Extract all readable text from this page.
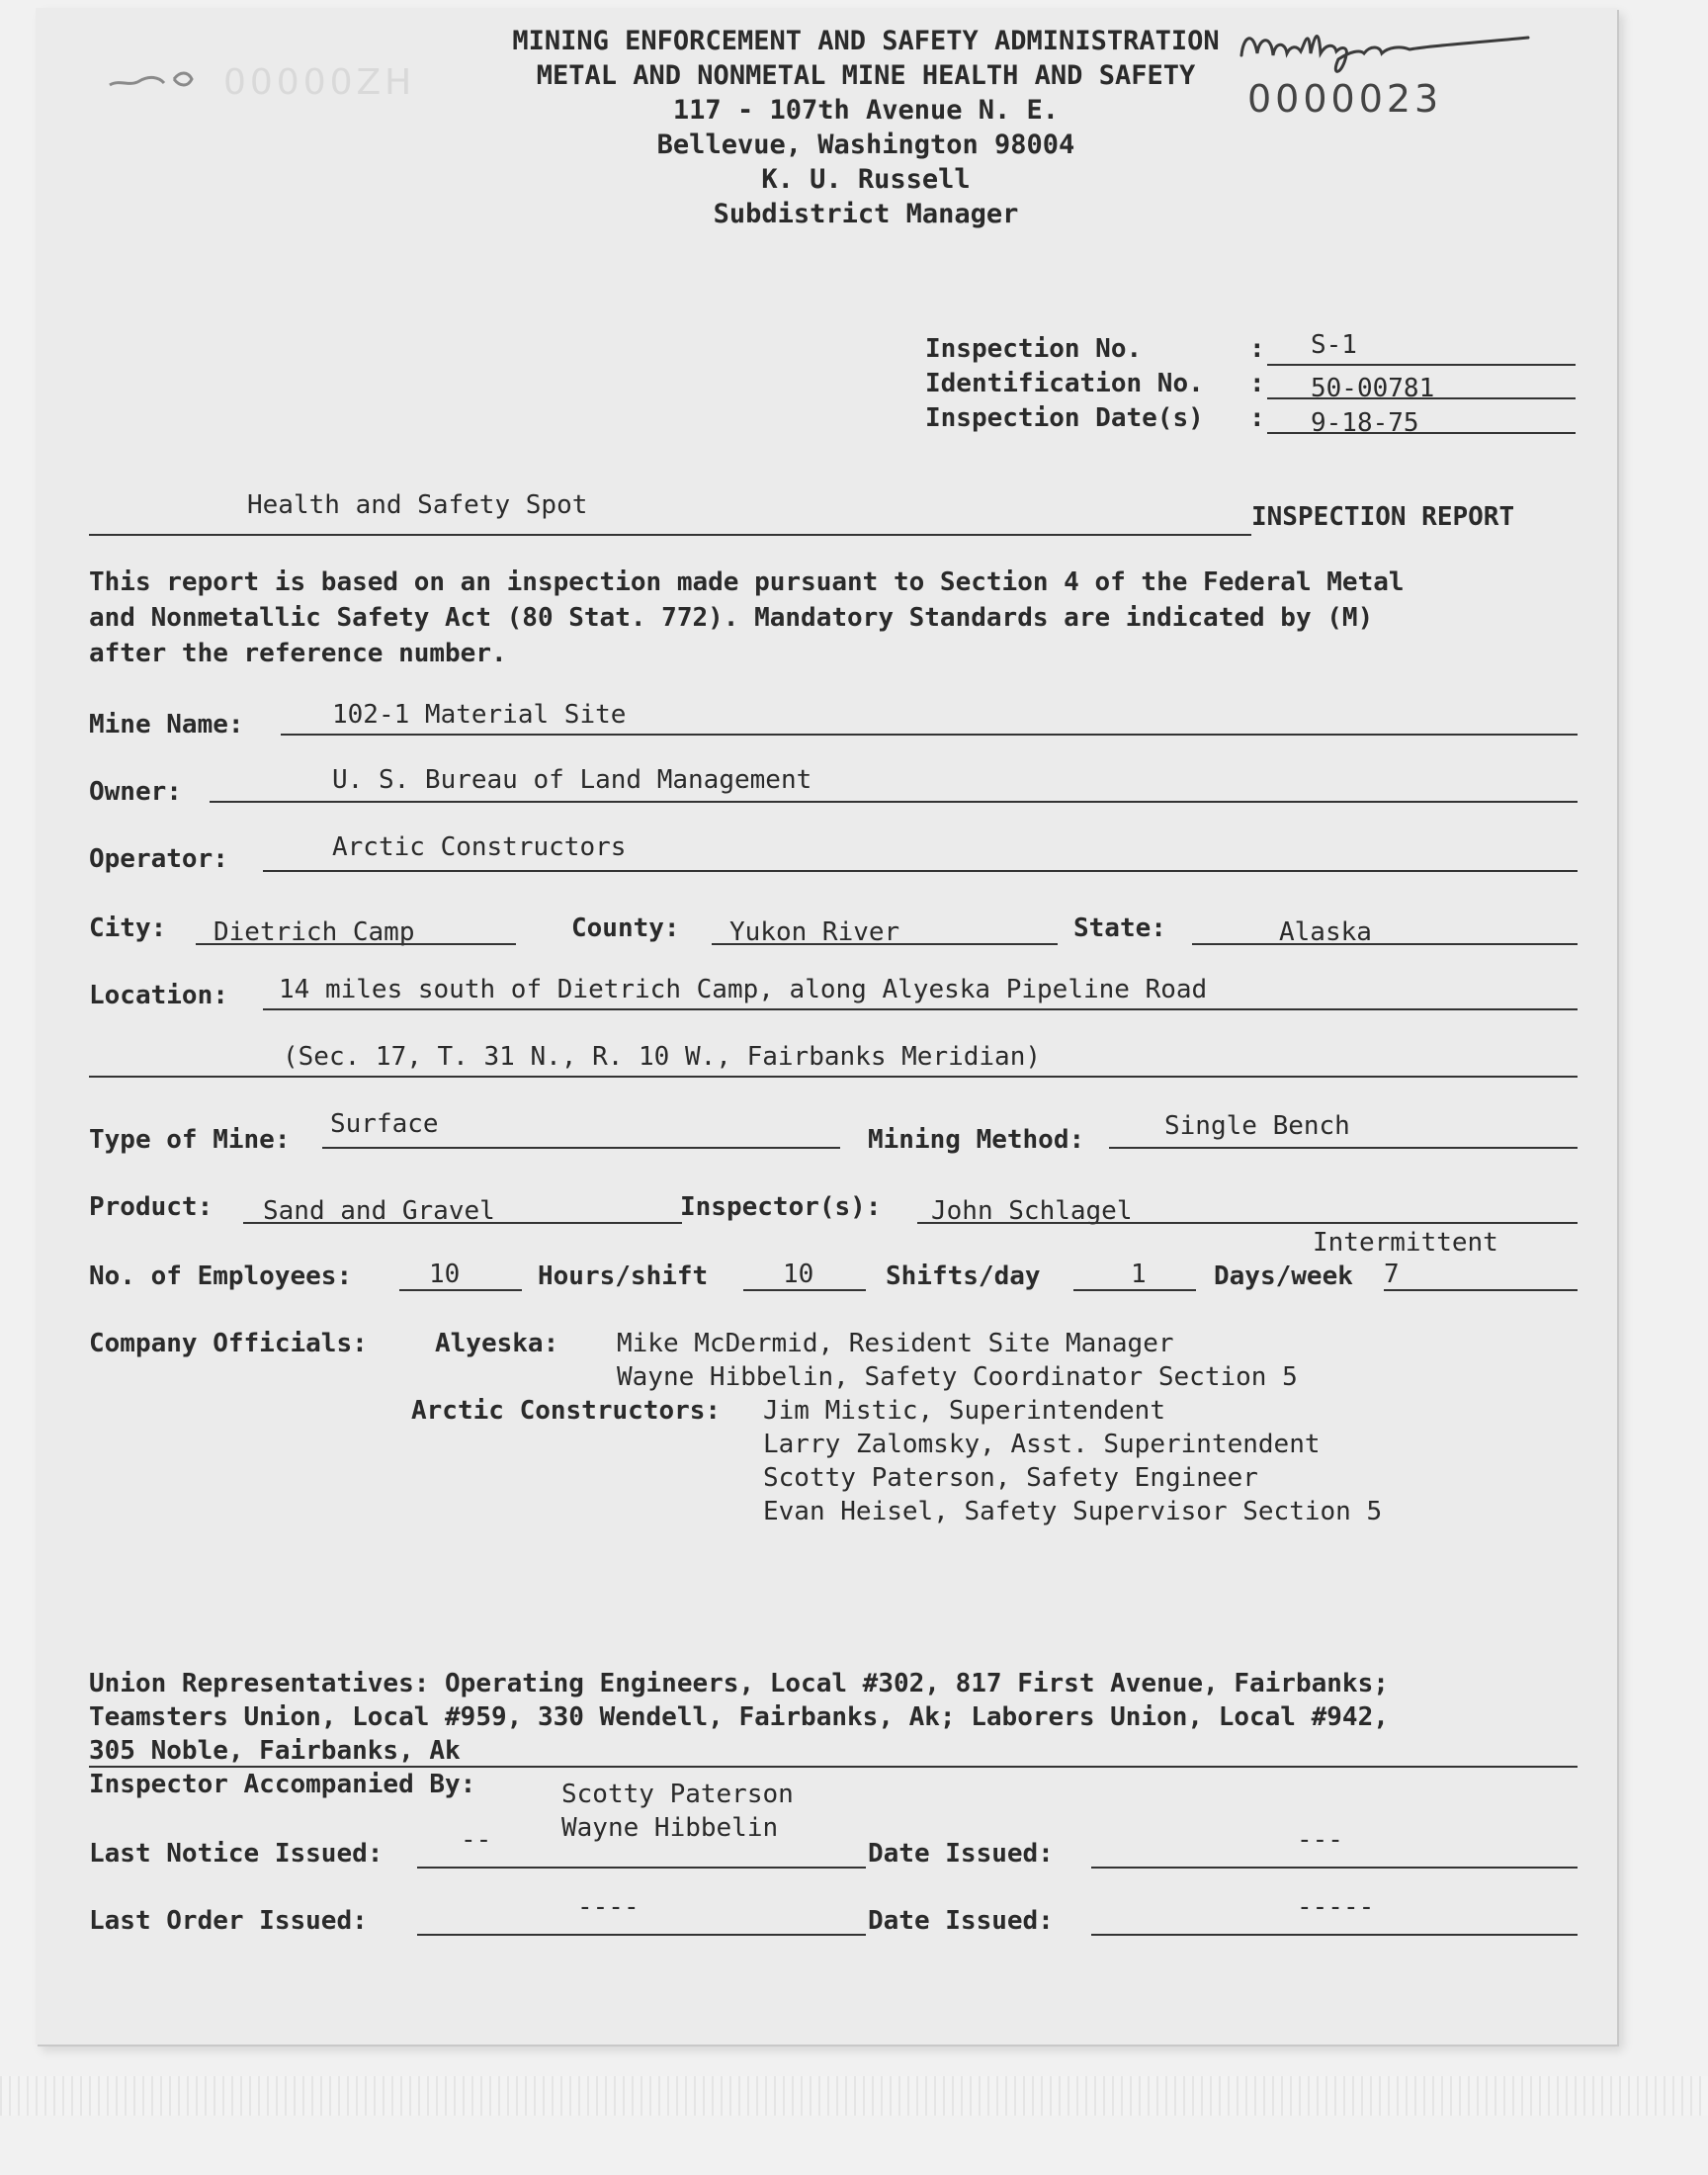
00000ZH
MINING ENFORCEMENT AND SAFETY ADMINISTRATION
METAL AND NONMETAL MINE HEALTH AND SAFETY
117 - 107th Avenue N. E.
Bellevue, Washington 98004
K. U. Russell
Subdistrict Manager
0000023
Inspection No.	: S-1
Identification No. : 50-00781
Inspection Date(s) : 9-18-75
Health and Safety Spot	INSPECTION REPORT
This report is based on an inspection made pursuant to Section 4 of the Federal Metal
and Nonmetallic Safety Act (80 Stat. 772). Mandatory Standards are indicated by (M)
after the reference number.
Mine Name:	102-1 Material Site
Owner:	U. S. Bureau of Land Management
Operator:	Arctic Constructors
City: Dietrich Camp	County: Yukon River	State:	Alaska
Location: 14 miles south of Dietrich Camp, along Alyeska Pipeline Road
(Sec. 17, T. 31 N., R. 10 W., Fairbanks Meridian)
Type of Mine:
Surface
Mining Method:	Single Bench
Product: Sand and Gravel	Inspector(s): John Schlagel
Intermittent
No. of Employees:	10	Hours/shift	10	Shifts/day	1	Days/week 7
Company Officials:	Alyeska: Mike McDermid, Resident Site Manager
Wayne Hibbelin, Safety Coordinator Section 5
Arctic Constructors: Jim Mistic, Superintendent
Larry Zalomsky, Asst. Superintendent
Scotty Paterson, Safety Engineer
Evan Heisel, Safety Supervisor Section 5
Union Representatives: Operating Engineers, Local #302, 817 First Avenue, Fairbanks;
Teamsters Union, Local #959, 330 Wendell, Fairbanks, Ak; Laborers Union, Local #942,
305 Noble, Fairbanks, Ak
Inspector Accompanied By:	Scotty Paterson
Wayne Hibbelin
Last Notice Issued:	--	Date Issued:	---
Last Order Issued:	----	Date Issued:	-----
